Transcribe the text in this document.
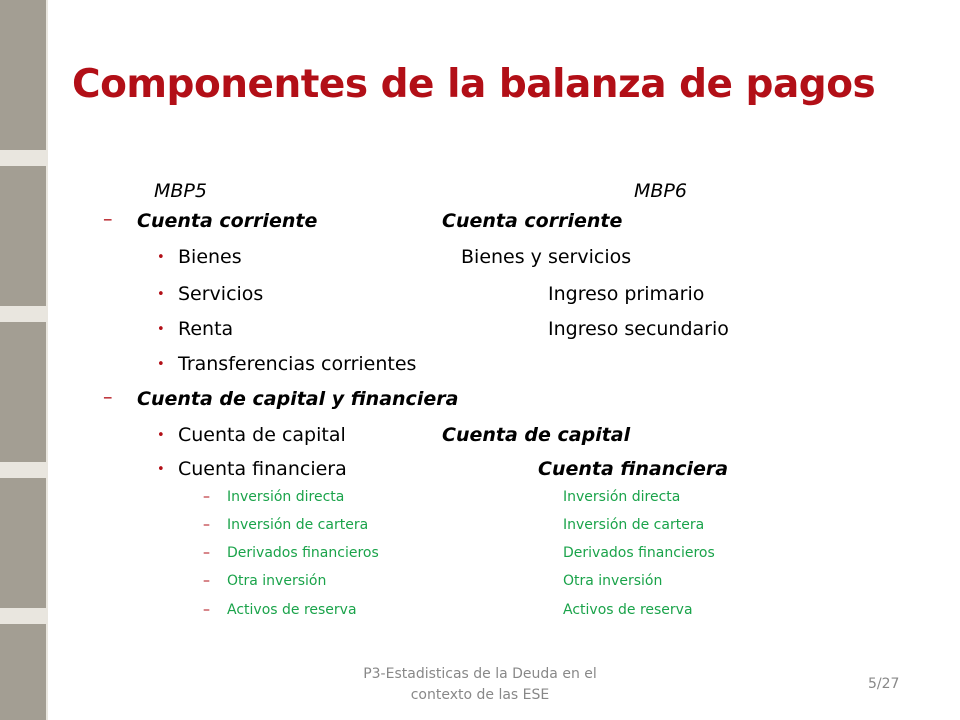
Componentes de la balanza de pagos
MBP5	MBP6
– Cuenta corriente	Cuenta corriente
• Bienes	Bienes y servicios
• Servicios	Ingreso primario
• Renta	Ingreso secundario
• Transferencias corrientes
– Cuenta de capital y financiera
• Cuenta de capital	Cuenta de capital
• Cuenta financiera	Cuenta financiera
– Inversión directa	Inversión directa
– Inversión de cartera	Inversión de cartera
– Derivados financieros	Derivados financieros
– Otra inversión	Otra inversión
– Activos de reserva	Activos de reserva
P3-Estadisticas de la Deuda en el
contexto de las ESE
5/27
